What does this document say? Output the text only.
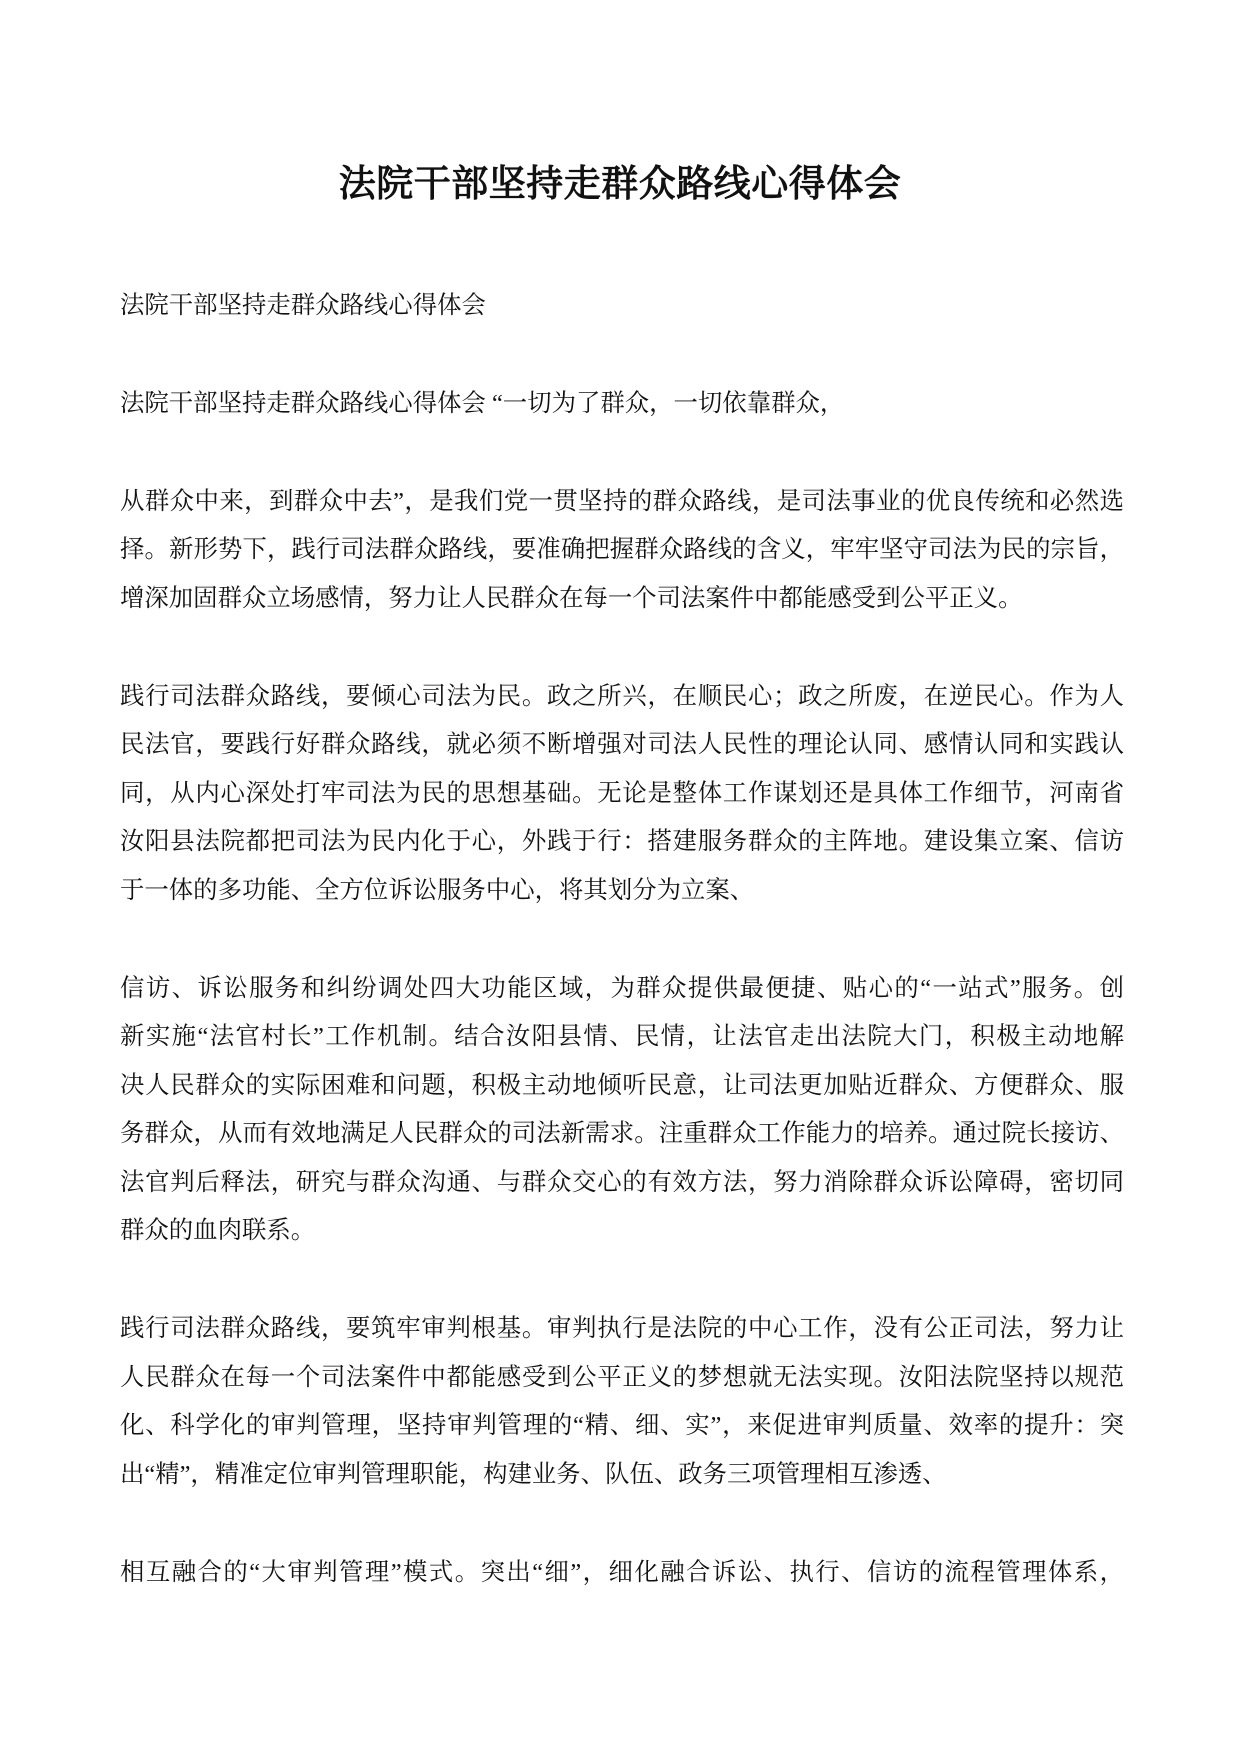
法院干部坚持走群众路线心得体会
法院干部坚持走群众路线心得体会
法院干部坚持走群众路线心得体会 “一切为了群众，一切依靠群众，
从群众中来，到群众中去”，是我们党一贯坚持的群众路线，是司法事业的优良传统和必然选
择。新形势下，践行司法群众路线，要准确把握群众路线的含义，牢牢坚守司法为民的宗旨，
增深加固群众立场感情，努力让人民群众在每一个司法案件中都能感受到公平正义。
践行司法群众路线，要倾心司法为民。政之所兴，在顺民心；政之所废，在逆民心。作为人
民法官，要践行好群众路线，就必须不断增强对司法人民性的理论认同、感情认同和实践认
同，从内心深处打牢司法为民的思想基础。无论是整体工作谋划还是具体工作细节，河南省
汝阳县法院都把司法为民内化于心，外践于行：搭建服务群众的主阵地。建设集立案、信访
于一体的多功能、全方位诉讼服务中心，将其划分为立案、
信访、诉讼服务和纠纷调处四大功能区域，为群众提供最便捷、贴心的“一站式”服务。创
新实施“法官村长”工作机制。结合汝阳县情、民情，让法官走出法院大门，积极主动地解
决人民群众的实际困难和问题，积极主动地倾听民意，让司法更加贴近群众、方便群众、服
务群众，从而有效地满足人民群众的司法新需求。注重群众工作能力的培养。通过院长接访、
法官判后释法，研究与群众沟通、与群众交心的有效方法，努力消除群众诉讼障碍，密切同
群众的血肉联系。
践行司法群众路线，要筑牢审判根基。审判执行是法院的中心工作，没有公正司法，努力让
人民群众在每一个司法案件中都能感受到公平正义的梦想就无法实现。汝阳法院坚持以规范
化、科学化的审判管理，坚持审判管理的“精、细、实”，来促进审判质量、效率的提升：突
出“精”，精准定位审判管理职能，构建业务、队伍、政务三项管理相互渗透、
相互融合的“大审判管理”模式。突出“细”，细化融合诉讼、执行、信访的流程管理体系，
